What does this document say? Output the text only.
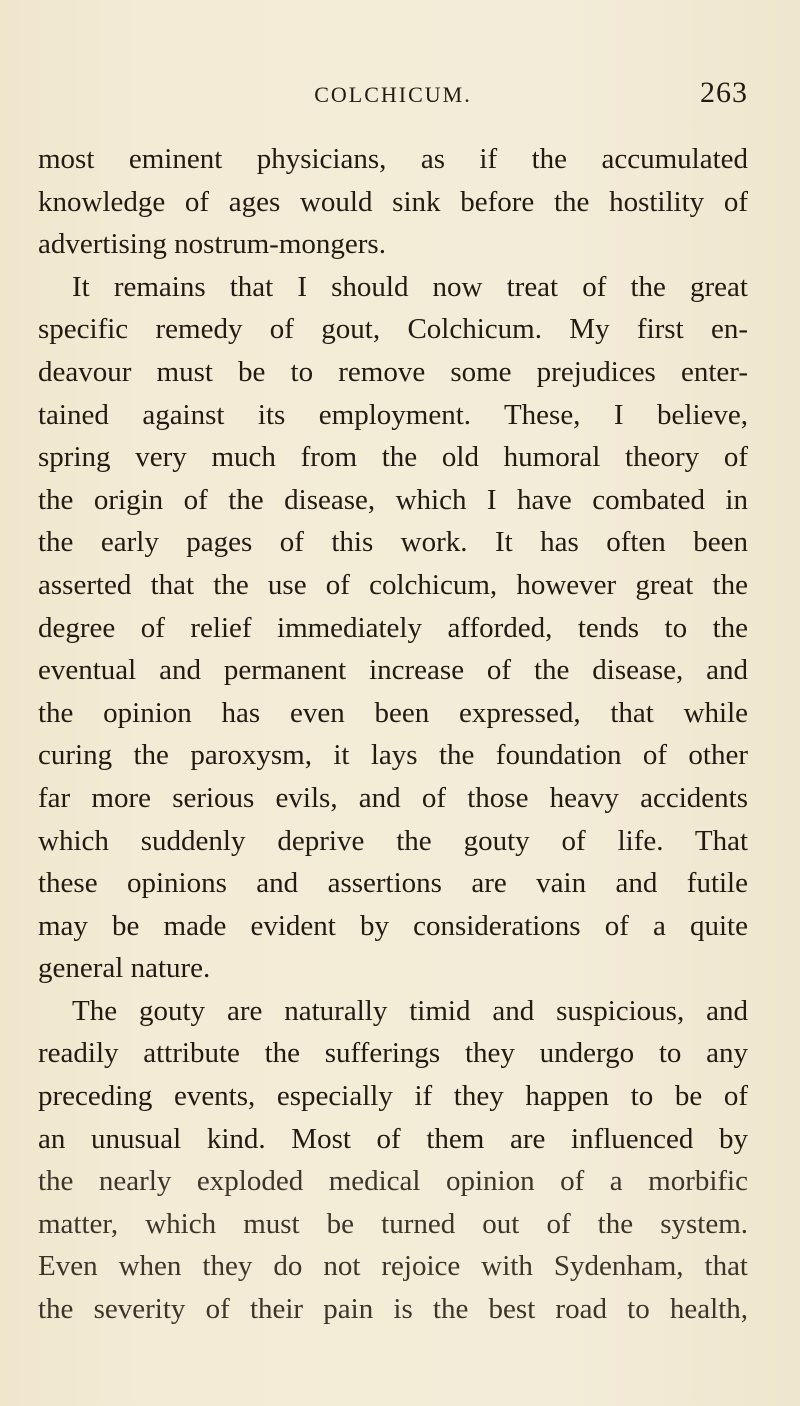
COLCHICUM.	263
most eminent physicians, as if the accumulated
knowledge of ages would sink before the hostility of
advertising nostrum-mongers.
It remains that I should now treat of the great
specific remedy of gout, Colchicum. My first en-
deavour must be to remove some prejudices enter-
tained against its employment. These, I believe,
spring very much from the old humoral theory of
the origin of the disease, which I have combated in
the early pages of this work. It has often been
asserted that the use of colchicum, however great the
degree of relief immediately afforded, tends to the
eventual and permanent increase of the disease, and
the opinion has even been expressed, that while
curing the paroxysm, it lays the foundation of other
far more serious evils, and of those heavy accidents
which suddenly deprive the gouty of life. That
these opinions and assertions are vain and futile
may be made evident by considerations of a quite
general nature.
The gouty are naturally timid and suspicious, and
readily attribute the sufferings they undergo to any
preceding events, especially if they happen to be of
an unusual kind. Most of them are influenced by
the nearly exploded medical opinion of a morbific
matter, which must be turned out of the system.
Even when they do not rejoice with Sydenham, that
the severity of their pain is the best road to health,
